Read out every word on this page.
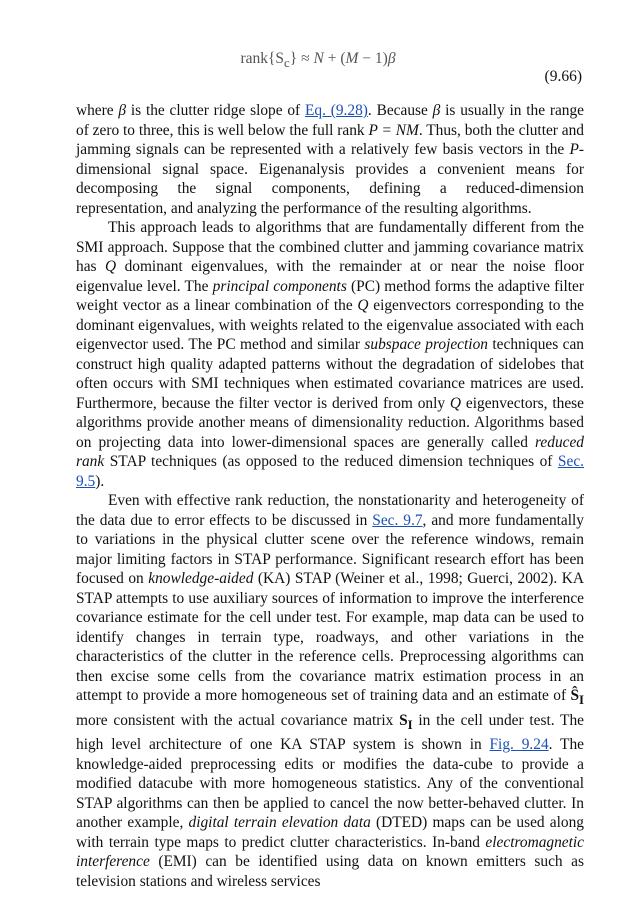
$rank\{S_c\} \approx N + (M - 1)\beta$
(9.66)

where β is the clutter ridge slope of Eq. (9.28). Because β is usually in the range of zero to three, this is well below the full rank P = NM. Thus, both the clutter and jamming signals can be represented with a relatively few basis vectors in the P-dimensional signal space. Eigenanalysis provides a convenient means for decomposing the signal components, defining a reduced-dimension representation, and analyzing the performance of the resulting algorithms.

This approach leads to algorithms that are fundamentally different from the SMI approach. Suppose that the combined clutter and jamming covariance matrix has Q dominant eigenvalues, with the remainder at or near the noise floor eigenvalue level. The principal components (PC) method forms the adaptive filter weight vector as a linear combination of the Q eigenvectors corresponding to the dominant eigenvalues, with weights related to the eigenvalue associated with each eigenvector used. The PC method and similar subspace projection techniques can construct high quality adapted patterns without the degradation of sidelobes that often occurs with SMI techniques when estimated covariance matrices are used. Furthermore, because the filter vector is derived from only Q eigenvectors, these algorithms provide another means of dimensionality reduction. Algorithms based on projecting data into lower-dimensional spaces are generally called reduced rank STAP techniques (as opposed to the reduced dimension techniques of Sec. 9.5).

Even with effective rank reduction, the nonstationarity and heterogeneity of the data due to error effects to be discussed in Sec. 9.7, and more fundamentally to variations in the physical clutter scene over the reference windows, remain major limiting factors in STAP performance. Significant research effort has been focused on knowledge-aided (KA) STAP (Weiner et al., 1998; Guerci, 2002). KA STAP attempts to use auxiliary sources of information to improve the interference covariance estimate for the cell under test. For example, map data can be used to identify changes in terrain type, roadways, and other variations in the characteristics of the clutter in the reference cells. Preprocessing algorithms can then excise some cells from the covariance matrix estimation process in an attempt to provide a more homogeneous set of training data and an estimate of $Ŝ_I$ more consistent with the actual covariance matrix $S_I$ in the cell under test. The high level architecture of one KA STAP system is shown in Fig. 9.24. The knowledge-aided preprocessing edits or modifies the data-cube to provide a modified datacube with more homogeneous statistics. Any of the conventional STAP algorithms can then be applied to cancel the now better-behaved clutter. In another example, digital terrain elevation data (DTED) maps can be used along with terrain type maps to predict clutter characteristics. In-band electromagnetic interference (EMI) can be identified using data on known emitters such as television stations and wireless services
